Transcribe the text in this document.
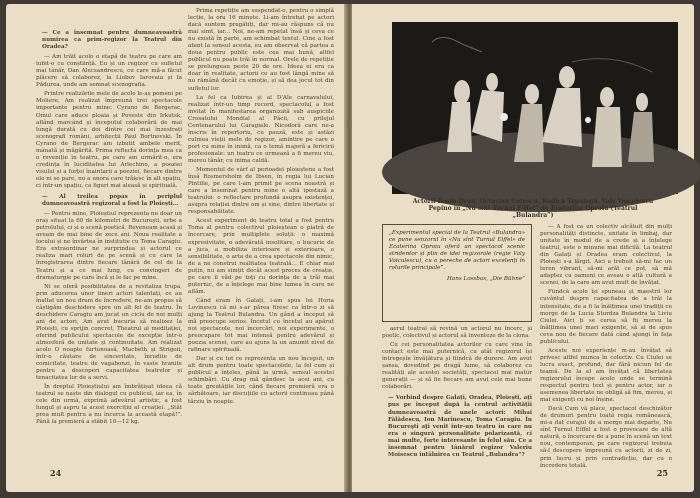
— Ce a însemnat pentru dumneavoastră numirea ca prim-regizor la Teatrul din Oradea?

— Am trăit acolo o etapă de teatru pe care am iubit-o cu conștiință. Eu și un regizor cu sufletul mai tânăr, Dan Alecsandrescu, cu care mă-a făcut plăcere să colaborez, la Liubov Iarovaia și la Pădurea, unde am semnat scenografia.

Printre realizările mele de acolo le-aș pomeni pe Moliere, Am realizat împreună trei spectacole importante pentru mine: Cyrano de Bergerac, Omul care aduce ploaia și Poveste din Irkutsk, aflând marcând și începutul colaborării de mai lungă durată cu doi dintre cei mai înzestrați scenografi români, arhitecții Paul Bortnovski. În Cyrano de Bergerac am izbutit ambele merit, mânată și măgărită. Prima reflecta dorința mea ca o reveniție în teatru, pe care am urmărit-o, era credința în luciditatea lui Arlechino, a poeziei visului și a forței înaintarii a poeziei, fiecare dintre ele ni se pare, nu a unora care trăiesc în alt spațiu, ci într-un spațiu, ca figuri mai aleasă și spirituală.

— Al treilea popas în periplul dumneavoastră regizoral a fost la Ploiești...

— Pentru mine, Ploieștiul reprezenta nu doar un oraș situat la 60 de kilometri de București, urbe a petrolului, ci și o scenă poetică. Reveneam acasă și aveam de mai bine de zece ani. Noua realitate a locului și ne învârtea în institutie cu Toma Caragiu. Era extraordinar ne surprindea și actorul ce realiza mari roluri de pe scenă și cu care la înregistrarea dintre fiecare tânără de cel de la Teatru și a ce mai lung, cu convingeri de dramaturgie pe care încă și le fac pe mine.

Ni se oferă posibilitatea de a revitaliza trupa, prin aducerea unor tineri actori talentați, ce au înaltat un nou drum de încredere, ne-am propus să câștigăm deschidere spre un alt fel de teatru. În deschidere Caragiu am jucat un ciclu de noi mulți ani de actori, Am avut bucuria să realizez la Ploiești, cu sprijin concret, Theatrul al meditației, oferind publicului spectacole de excepție într-o atmosferă de unitate și continuitate. Am realizat acolo O noapte furtunoasă, Macbeth și Strigoii, într-o căutare de sinceritate, înrudite de comicitate, teatre de vagabonzi, în vaste hranite pentru a descoperi capacitatea teatrelor și tenacitatea lor de a servi.

În dreptul Ploieștiului am îmbrățișat ideea că teatrul se naște din dialogul cu publicul, iar ea, în cele din urmă, exprimă adevărul artistic, a fost lungul și aspru la acest exercițiu al creației. „Stăt prea mult pentru a nu încerca la această etapă!”. Până la premieră a stăbit 10—12 kg.

Prima repetiție am suspendat-o, pentru o simplă lecție, la ora 16 minute. Li-am întrebat pe actori dacă suntem pregătiți, dar mi-au răspuns că nu mai simt, iar... Noi, ne-am repetat însă și ceva ce nu există în parte, am schimbat textul. Cine a fost atent la sensul acesta, eu am observat că partea a doua pentru public este cea mai bună, altfel publicul nu poate trăi în normal. Orele de repetiție se prelungeau peste 20 de ore. Ideea ei era ca doar în realitate, actorii ce au fost lângă mine să nu rămână decât cu emoție, și să dea jocul tot din sufletul lor.

La fel ca Iubirea și al D'Ale carnavalului, realizat într-un timp record, spectacolul a fost invitat în manifestarea organizată sub auspiciile Crosatului Mondial al Păcii, cu prilejul Centenarului lui Caragiale. Nicodoră care ne-a înscris în repertoriu, cu pauză, este și astăzi culmea vieții mele de regizor, amintire pe care o port cu mine în inimă, ca o temă majoră a fericirii profesionale: un teatru ce urmează a fi mereu viu, mereu tânăr, cu inima caldă.

Momentul de vârf al perioadei ploieștene a fost însă Rosmersholm de Ibsen, în regia lui Lucian Pintilie, pe care l-am primit pe scena noastră și care a însemnat pentru mine o altă ipostază a teatrului: o reflectare profundă asupra existenței, asupra relației dintre om și sine, dintre libertate și responsabilitate.

Acest experiment de teatru total a fost pentru Toma al pentru colectivul ploieștean o piatră de încercare, prin multiplele soluții: o maximă expresivitate, o adevărată insolitare, o bucurie de a juca, a mobiliza interioare și exterioare, o sensibilitate, o arta de a crea spectacole din nimic, de a ne construi realitatea teatrală... E chiar mai puțin, nu am simțit decât acest proces de creație, pe care îl văd pe toți cu dorința de a trăi mai puternic, de a înțelege mai bine lumea în care ne aflăm.

Când eram în Galați, i-am spus lui Horia Lovinescu că mi s-ar părea firesc ca într-o zi să ajung la Teatrul Bulandra. Un gând a început să mă preocupe serios. Încetul cu încetul au apărut noi spectacole, noi încercări, noi experimente, o preocupare tot mai intensă pentru adevărul și poezia scenei, care au ajuns la un anumit nivel de rafinare spirituală.

Dar și cu tot ce reprezenta un nou început, un alt drum pentru toate spectacolele, la fel cum și publicul a înțeles, până la urmă, sensul acestei schimbări. Cu drag mă gândesc la acei ani, cu toate greutățile lor, când fiecare premieră era o sărbătoare, iar discuțiile cu actorii continuau până târziu în noapte.

24
Actorii Dorin Dron, Octavian Cotescu, Rodica Tapalagă, Valy Voiculescu Pepino în „Nu sînt Turnul Eiffel” de Ecaterina Oproiu (Teatrul „Bulandra”)
„Experimentul special de la Teatrul «Bulandra» ce pune senzorul în «Nu sînt Turnul Eiffel» de Ecaterina Oproiu oferă un spectacol scenic stridentor și plin de idei regizorale (regie Valy Voiculescu), cu o pereche de actori excelenți în rolurile principale”.
Hans Lossbas, „Die Bühne”

aerul teatral să revină un actorul nu încerc, și poetic, colectivul și actorul să inventeze de la clona.

Cu cei personalitatea actorilor cu care vine în contact este mai puternică, cu atât regizorul își întregește învățătura și fiindcă de durere. Am avut șansa, dovedind pe dragă lume, să colaborez cu realități ale acestei societăți, spectacol mai matur generații — și să fie fiecare am avut cele mai bune colaborări.

— Vorbind despre Galați, Oradea, Ploiești, ați pus pe început după la centrul activității dumneavoastră de unele actori: Mihai Fălădescu, Ion Marinescu, Toma Caragiu. În Bucureşti aţi venit într-un teatru în care nu era o singură personalitate polarizantă, ci mai multe, forte interesante în felul său. Ce a însemnat pentru tânărul regizor Valeriu Moisescu întâlnirea cu Teatrul „Bulandra”?

— A fost ca un colectiv alcătuit din mulți personalități distincte, unitate în limbaj, dar unitate în modul de a crede și a înțelege teatrul, este o minune mai dificilă. La teatrul din Galați și Oradea eram colectivul, la Ploiești s-a lărgit. Aici a trebuit să-mi fac un teren vibrant, să-mi arăt ce pot, să mă adaptez cu oameni ce aveau o altă cultură a scenei, de la care am avut mult de învățat.

Fiindcă acolo își spuneau și maestrii lor cuvântul despre capacitatea de a trăi la intensitate, de a fi la înălțimea unei tradiții ce merge de la Lucia Sturdza Bulandra la Liviu Ciulei. Aici ți se cerea să fii mereu la înălțimea unei mari exigențe, să ai de spus ceva nou de fiecare dată când ajungi în fața publicului.

Aceste noi experiențe m-au învățat să privesc altfel munca în colectiv. Cu Ciulei se lucra exact, profund, dar fără niciun fel de teamă. De la el am învățat că libertatea regizorului începe acolo unde se termină respectul pentru text și pentru actor, iar o asemenea libertate ne obligă să fim, mereu, și mai exigenți cu noi înșine.

Dacă Cum vă place, spectacol deschizător de drumuri pentru toată regia românească, mi-a dat curajul de a merge mai departe, Nu sînt Turnul Eiffel a fost o provocare de altă natură, o încercare de a pune în scenă un text nou, contemporan, pe care regizorul trebuia să-l descopere împreună cu actorii, zi de zi, prin lucru și prin contradicție, dar cu o încredere totală.

25
